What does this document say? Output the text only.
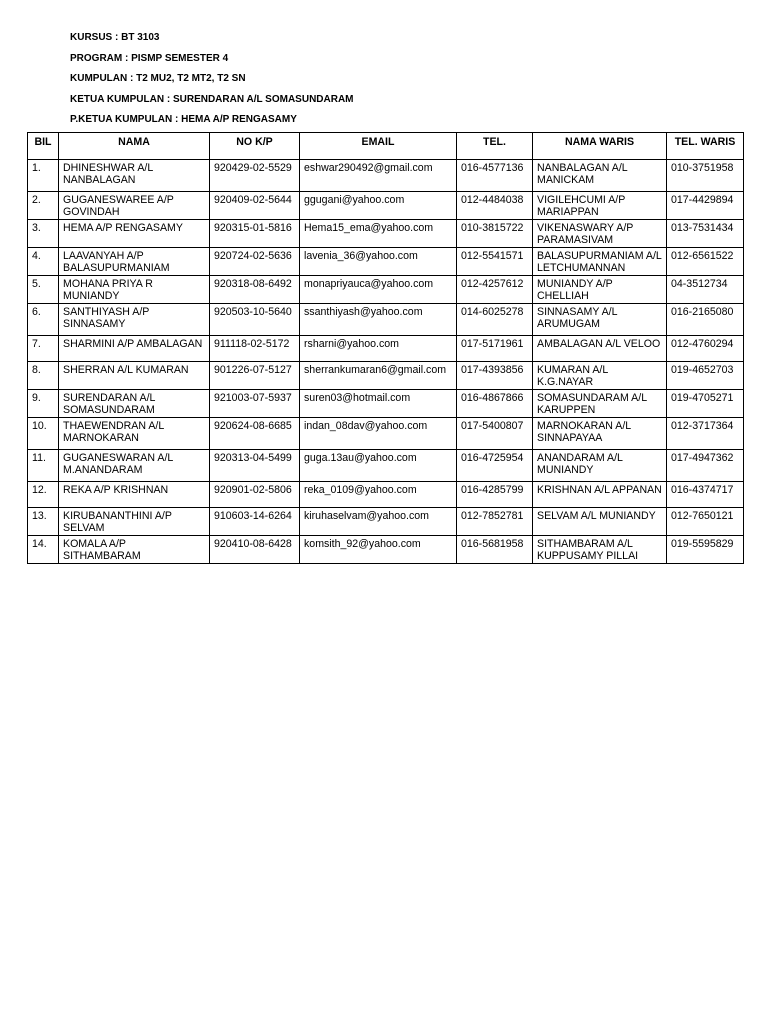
KURSUS : BT 3103
PROGRAM : PISMP SEMESTER 4
KUMPULAN : T2 MU2, T2 MT2, T2 SN
KETUA KUMPULAN : SURENDARAN A/L SOMASUNDARAM
P.KETUA KUMPULAN : HEMA A/P RENGASAMY
BIL	NAMA	NO K/P	EMAIL	TEL.	NAMA WARIS	TEL. WARIS
1.	DHINESHWAR A/L NANBALAGAN	920429-02-5529	eshwar290492@gmail.com	016-4577136	NANBALAGAN A/L MANICKAM	010-3751958
2.	GUGANESWAREE A/P GOVINDAH	920409-02-5644	ggugani@yahoo.com	012-4484038	VIGILEHCUMI A/P MARIAPPAN	017-4429894
3.	HEMA A/P RENGASAMY	920315-01-5816	Hema15_ema@yahoo.com	010-3815722	VIKENASWARY A/P PARAMASIVAM	013-7531434
4.	LAAVANYAH A/P BALASUPURMANIAM	920724-02-5636	lavenia_36@yahoo.com	012-5541571	BALASUPURMANIAM A/L LETCHUMANNAN	012-6561522
5.	MOHANA PRIYA R MUNIANDY	920318-08-6492	monapriyauca@yahoo.com	012-4257612	MUNIANDY A/P CHELLIAH	04-3512734
6.	SANTHIYASH A/P SINNASAMY	920503-10-5640	ssanthiyash@yahoo.com	014-6025278	SINNASAMY A/L ARUMUGAM	016-2165080
7.	SHARMINI A/P AMBALAGAN	911118-02-5172	rsharni@yahoo.com	017-5171961	AMBALAGAN A/L VELOO	012-4760294
8.	SHERRAN A/L KUMARAN	901226-07-5127	sherrankumaran6@gmail.com	017-4393856	KUMARAN A/L K.G.NAYAR	019-4652703
9.	SURENDARAN A/L SOMASUNDARAM	921003-07-5937	suren03@hotmail.com	016-4867866	SOMASUNDARAM A/L KARUPPEN	019-4705271
10.	THAEWENDRAN A/L MARNOKARAN	920624-08-6685	indan_08dav@yahoo.com	017-5400807	MARNOKARAN A/L SINNAPAYAA	012-3717364
11.	GUGANESWARAN A/L M.ANANDARAM	920313-04-5499	guga.13au@yahoo.com	016-4725954	ANANDARAM A/L MUNIANDY	017-4947362
12.	REKA A/P KRISHNAN	920901-02-5806	reka_0109@yahoo.com	016-4285799	KRISHNAN A/L APPANAN	016-4374717
13.	KIRUBANANTHINI A/P SELVAM	910603-14-6264	kiruhaselvam@yahoo.com	012-7852781	SELVAM A/L MUNIANDY	012-7650121
14.	KOMALA A/P SITHAMBARAM	920410-08-6428	komsith_92@yahoo.com	016-5681958	SITHAMBARAM A/L KUPPUSAMY PILLAI	019-5595829
